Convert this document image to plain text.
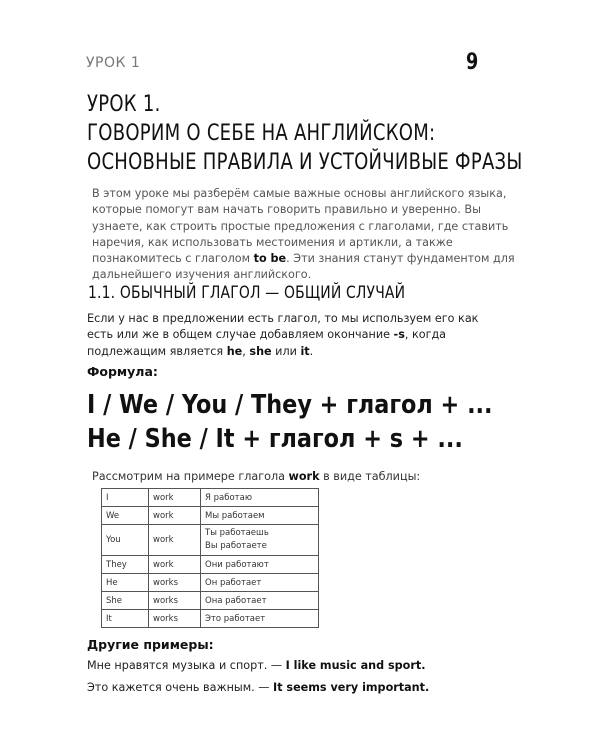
УРОК 1	9
УРОК 1.
ГОВОРИМ О СЕБЕ НА АНГЛИЙСКОМ:
ОСНОВНЫЕ ПРАВИЛА И УСТОЙЧИВЫЕ ФРАЗЫ
В этом уроке мы разберём самые важные основы английского языка, которые помогут вам начать говорить правильно и уверенно. Вы узнаете, как строить простые предложения с глаголами, где ставить наречия, как использовать местоимения и артикли, а также познакомитесь с глаголом to be. Эти знания станут фундаментом для дальнейшего изучения английского.
1.1. ОБЫЧНЫЙ ГЛАГОЛ — ОБЩИЙ СЛУЧАЙ
Если у нас в предложении есть глагол, то мы используем его как есть или же в общем случае добавляем окончание -s, когда подлежащим является he, she или it.
Формула:
I / We / You / They + глагол + ...
He / She / It + глагол + s + ...
Рассмотрим на примере глагола work в виде таблицы:
I	work	Я работаю
We	work	Мы работаем
You	work	Ты работаешь
Вы работаете

They	work	Они работают
He	works	Он работает
She	works	Она работает
It	works	Это работает
Другие примеры:
Мне нравятся музыка и спорт. — I like music and sport.
Это кажется очень важным. — It seems very important.
